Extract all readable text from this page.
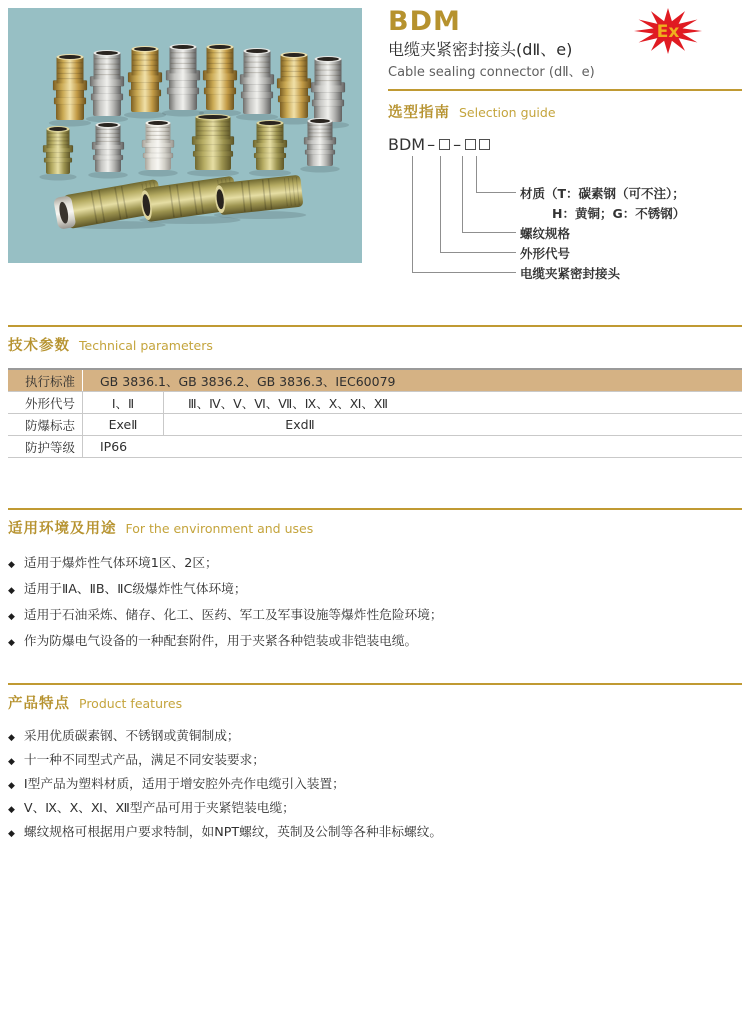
Ex
BDM
电缆夹紧密封接头(dⅡ、e)
Cable sealing connector (dⅡ、e)
选型指南 Selection guide
BDM – –
材质（T：碳素钢（可不注）；
H：黄铜；G：不锈钢）
螺纹规格
外形代号
电缆夹紧密封接头
技术参数 Technical parameters
执行标准	GB 3836.1、GB 3836.2、GB 3836.3、IEC60079
外形代号	Ⅰ、Ⅱ	Ⅲ、Ⅳ、Ⅴ、Ⅵ、Ⅶ、Ⅸ、Ⅹ、Ⅺ、Ⅻ
防爆标志	ExeⅡ	ExdⅡ
防护等级	IP66
适用环境及用途 For the environment and uses
◆ 适用于爆炸性气体环境1区、2区；
◆ 适用于ⅡA、ⅡB、ⅡC级爆炸性气体环境；
◆ 适用于石油采炼、储存、化工、医药、军工及军事设施等爆炸性危险环境；
◆ 作为防爆电气设备的一种配套附件，用于夹紧各种铠装或非铠装电缆。
产品特点 Product features
◆ 采用优质碳素钢、不锈钢或黄铜制成；
◆ 十一种不同型式产品，满足不同安装要求；
◆ Ⅰ型产品为塑料材质，适用于增安腔外壳作电缆引入装置；
◆ Ⅴ、Ⅸ、Ⅹ、Ⅺ、Ⅻ型产品可用于夹紧铠装电缆；
◆ 螺纹规格可根据用户要求特制，如NPT螺纹，英制及公制等各种非标螺纹。
